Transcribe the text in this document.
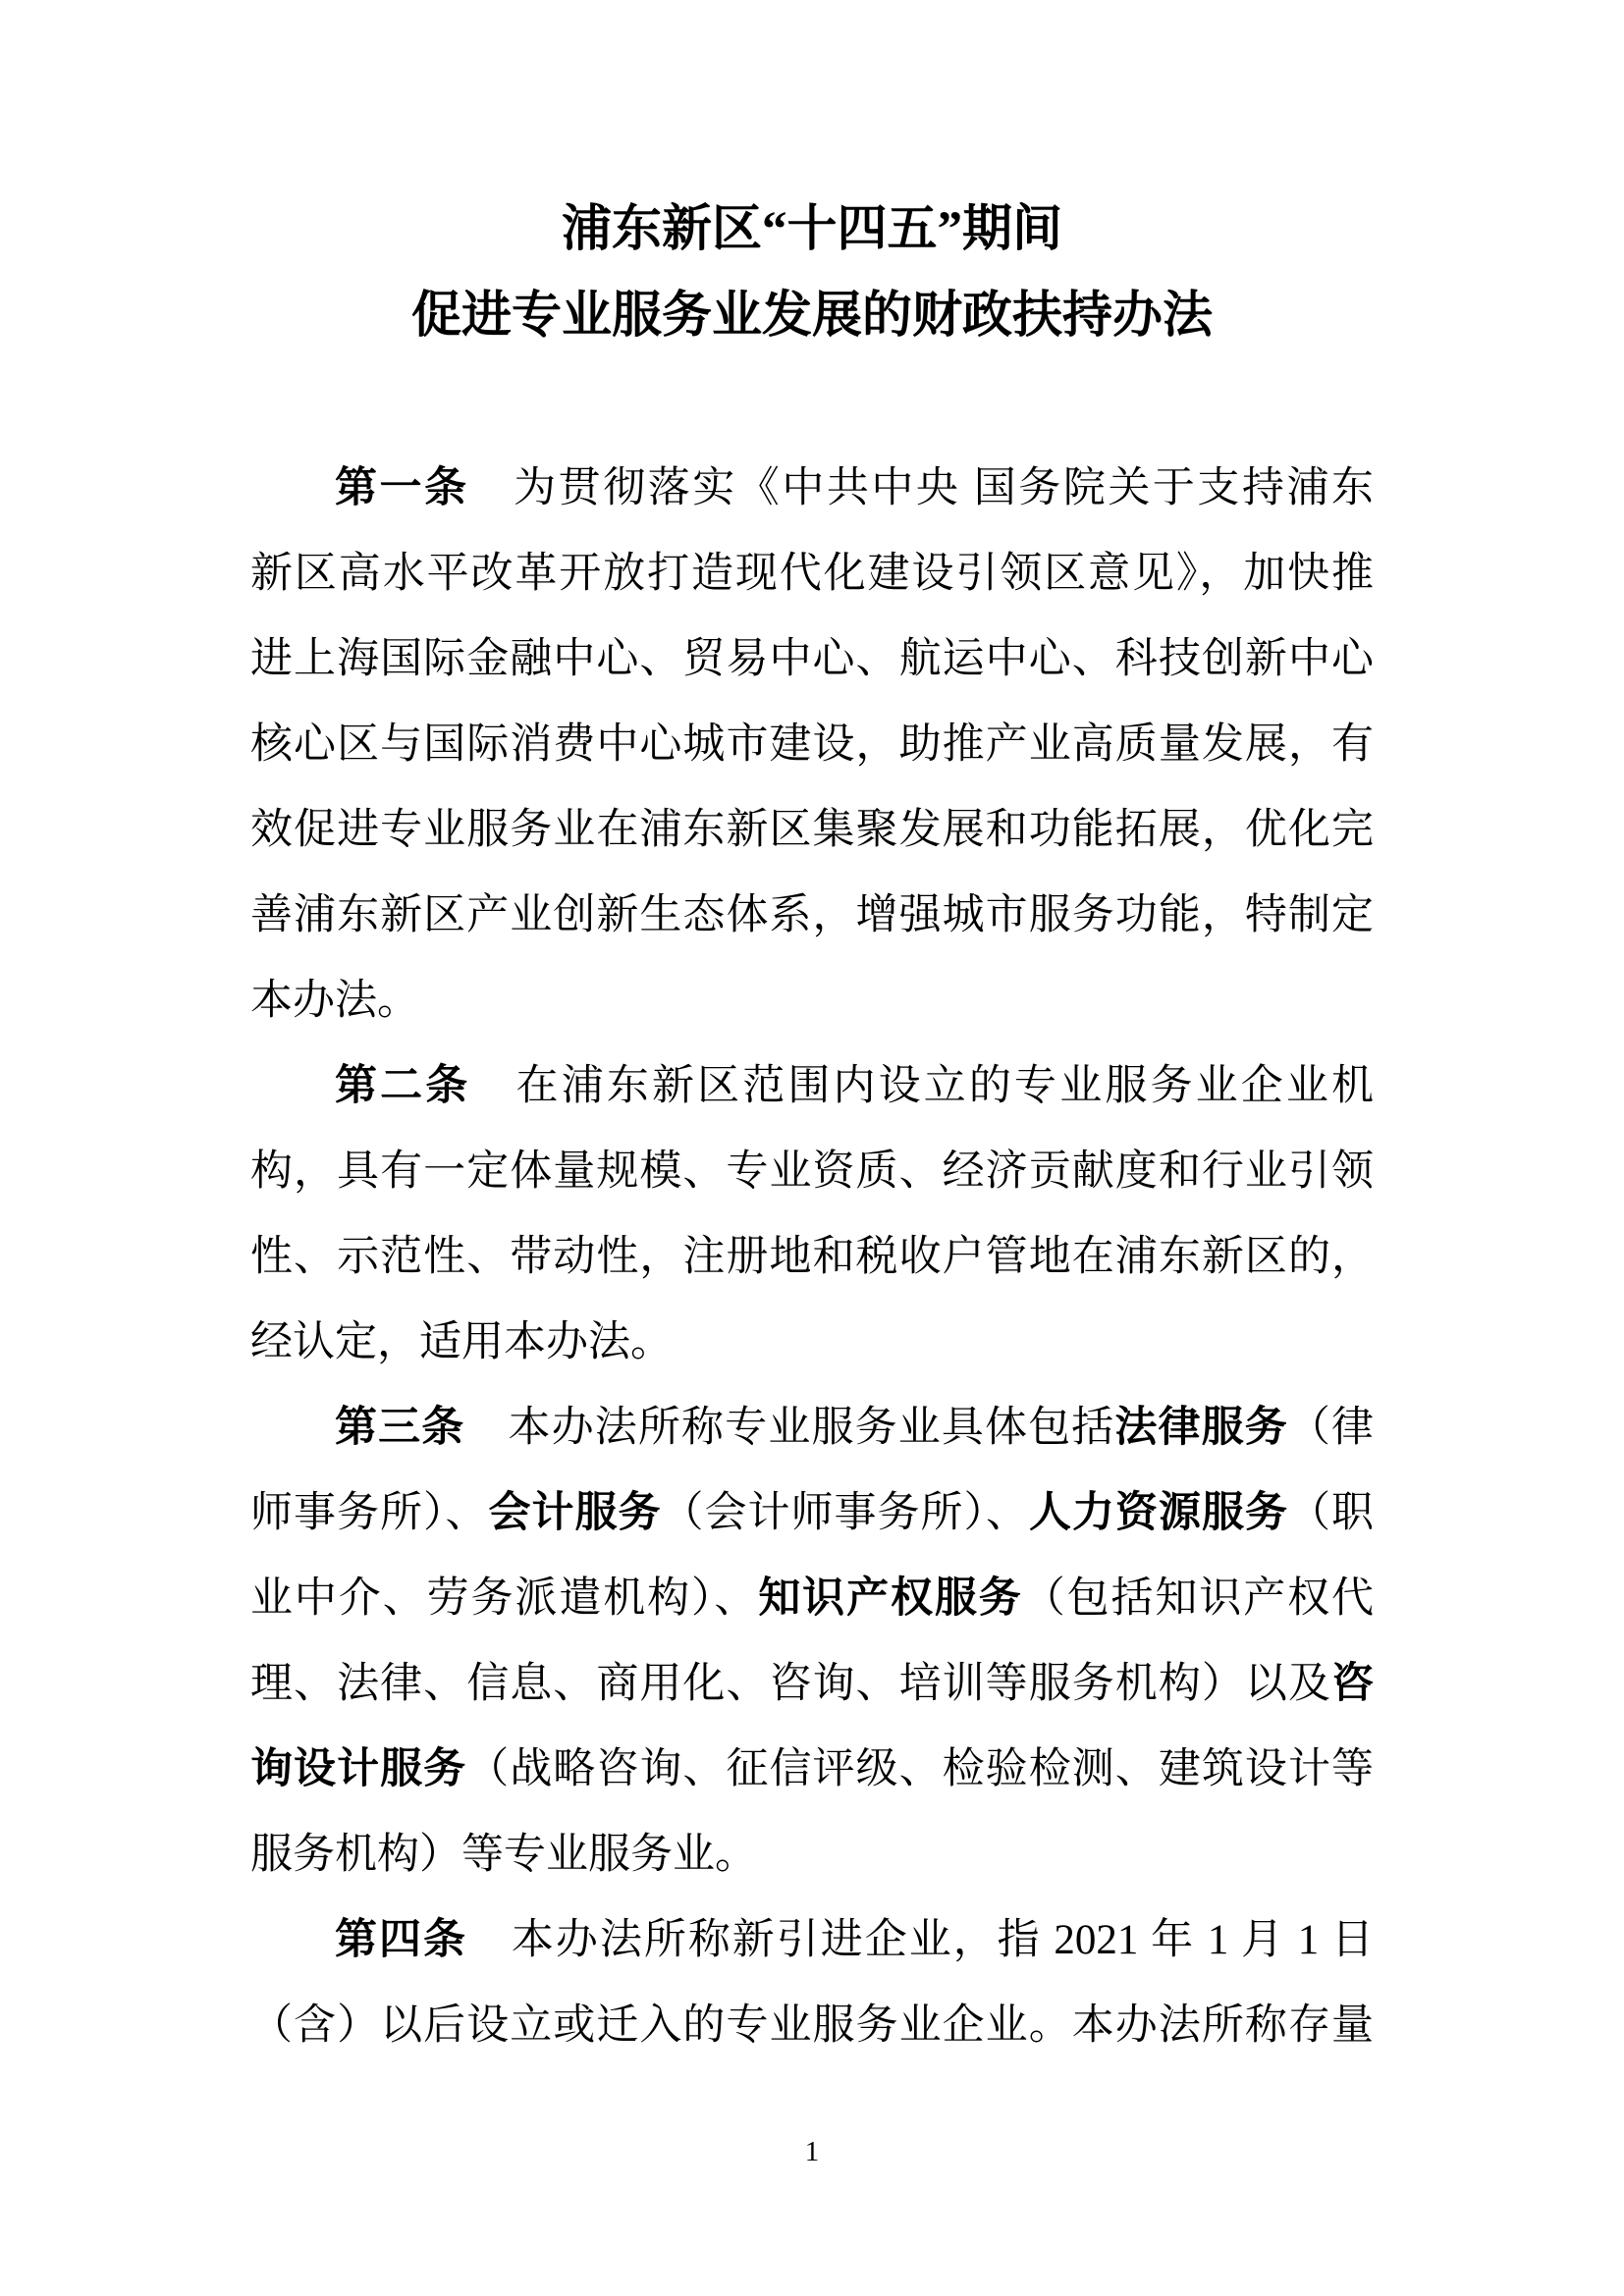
浦东新区“十四五”期间
促进专业服务业发展的财政扶持办法
第一条　为贯彻落实《中共中央 国务院关于支持浦东
新区高水平改革开放打造现代化建设引领区意见》，加快推
进上海国际金融中心、贸易中心、航运中心、科技创新中心
核心区与国际消费中心城市建设，助推产业高质量发展，有
效促进专业服务业在浦东新区集聚发展和功能拓展，优化完
善浦东新区产业创新生态体系，增强城市服务功能，特制定
本办法。
第二条　在浦东新区范围内设立的专业服务业企业机
构，具有一定体量规模、专业资质、经济贡献度和行业引领
性、示范性、带动性，注册地和税收户管地在浦东新区的，
经认定，适用本办法。
第三条　本办法所称专业服务业具体包括法律服务（律
师事务所）、会计服务（会计师事务所）、人力资源服务（职
业中介、劳务派遣机构）、知识产权服务（包括知识产权代
理、法律、信息、商用化、咨询、培训等服务机构）以及咨
询设计服务（战略咨询、征信评级、检验检测、建筑设计等
服务机构）等专业服务业。
第四条　本办法所称新引进企业，指 2021 年 1 月 1 日
（含）以后设立或迁入的专业服务业企业。本办法所称存量
1
